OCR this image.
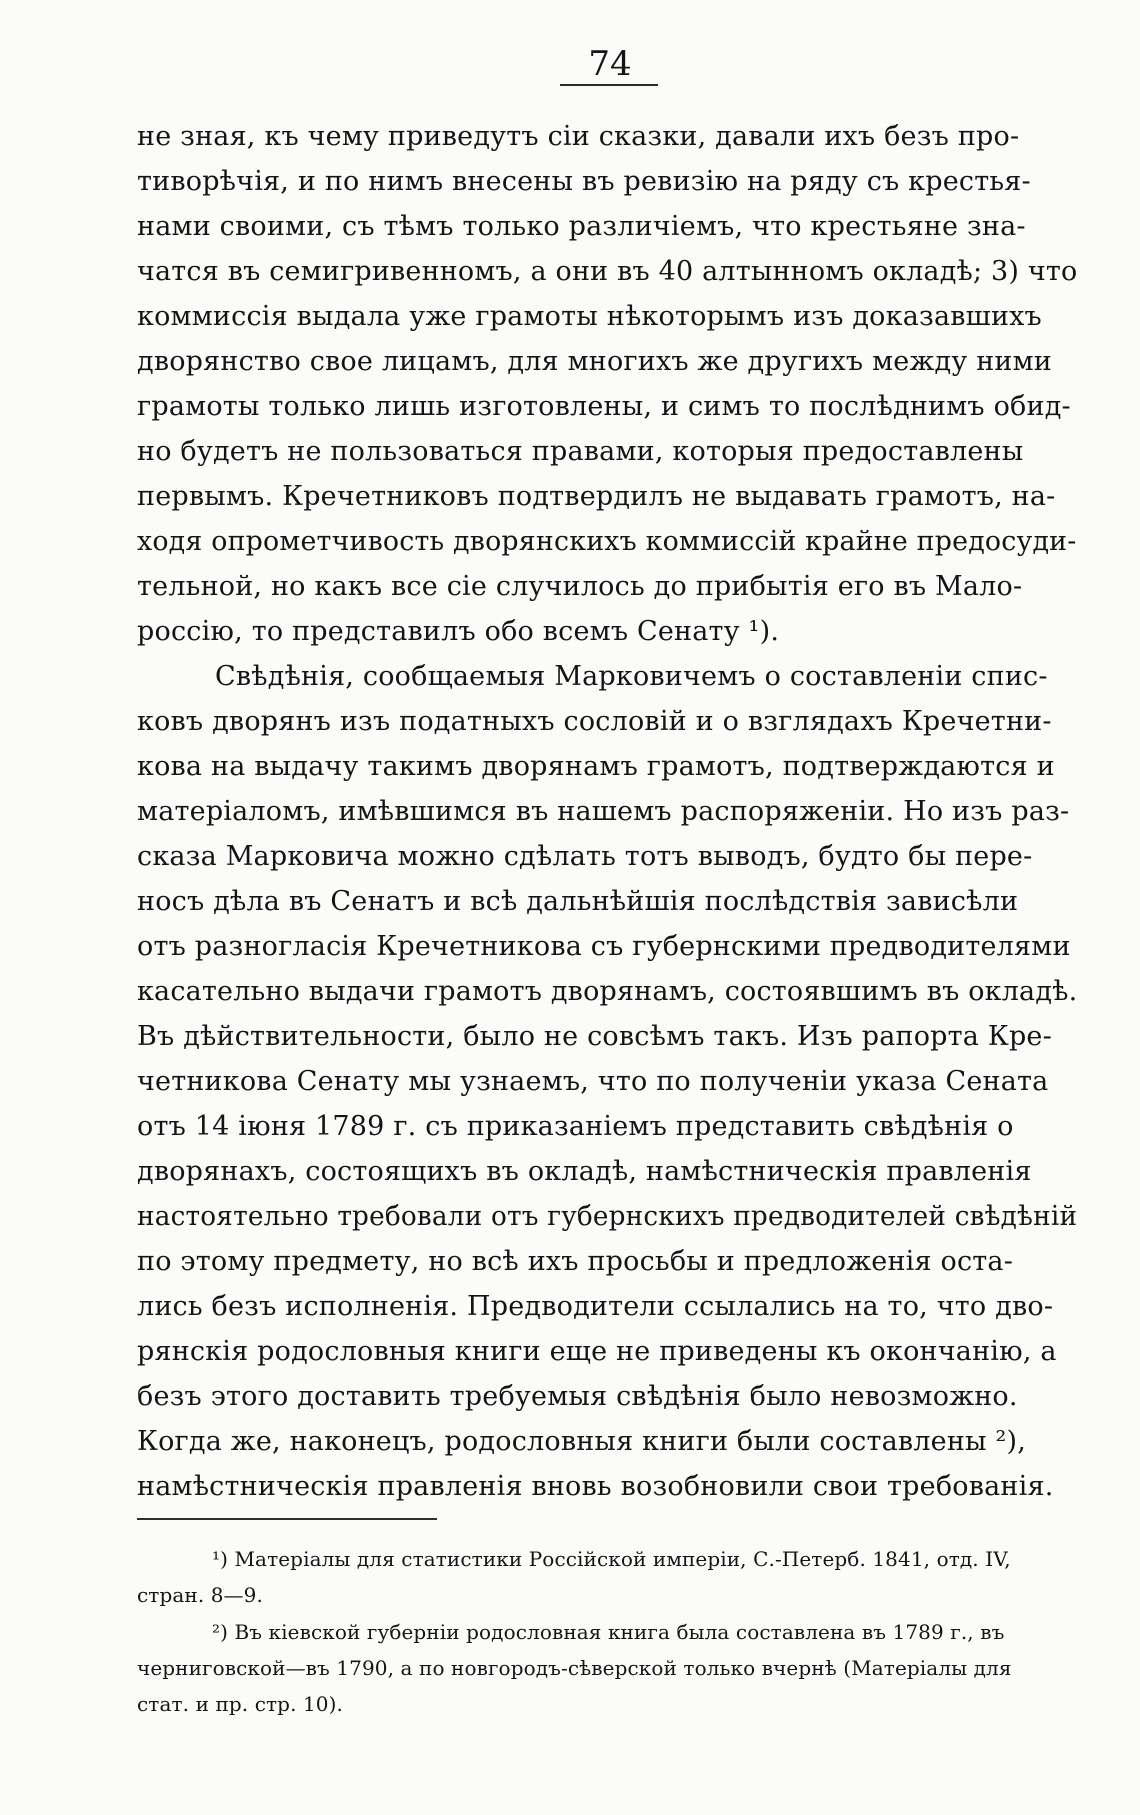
74
не зная, къ чему приведутъ сіи сказки, давали ихъ безъ про-
тиворѣчія, и по нимъ внесены въ ревизію на ряду съ крестья-
нами своими, съ тѣмъ только различіемъ, что крестьяне зна-
чатся въ семигривенномъ, а они въ 40 алтынномъ окладѣ; 3) что
коммиссія выдала уже грамоты нѣкоторымъ изъ доказавшихъ
дворянство свое лицамъ, для многихъ же другихъ между ними
грамоты только лишь изготовлены, и симъ то послѣднимъ обид-
но будетъ не пользоваться правами, которыя предоставлены
первымъ. Кречетниковъ подтвердилъ не выдавать грамотъ, на-
ходя опрометчивость дворянскихъ коммиссій крайне предосуди-
тельной, но какъ все сіе случилось до прибытія его въ Мало-
россію, то представилъ обо всемъ Сенату ¹).
Свѣдѣнія, сообщаемыя Марковичемъ о составленіи спис-
ковъ дворянъ изъ податныхъ сословій и о взглядахъ Кречетни-
кова на выдачу такимъ дворянамъ грамотъ, подтверждаются и
матеріаломъ, имѣвшимся въ нашемъ распоряженіи. Но изъ раз-
сказа Марковича можно сдѣлать тотъ выводъ, будто бы пере-
носъ дѣла въ Сенатъ и всѣ дальнѣйшія послѣдствія зависѣли
отъ разногласія Кречетникова съ губернскими предводителями
касательно выдачи грамотъ дворянамъ, состоявшимъ въ окладѣ.
Въ дѣйствительности, было не совсѣмъ такъ. Изъ рапорта Кре-
четникова Сенату мы узнаемъ, что по полученіи указа Сената
отъ 14 іюня 1789 г. съ приказаніемъ представить свѣдѣнія о
дворянахъ, состоящихъ въ окладѣ, намѣстническія правленія
настоятельно требовали отъ губернскихъ предводителей свѣдѣній
по этому предмету, но всѣ ихъ просьбы и предложенія оста-
лись безъ исполненія. Предводители ссылались на то, что дво-
рянскія родословныя книги еще не приведены къ окончанію, а
безъ этого доставить требуемыя свѣдѣнія было невозможно.
Когда же, наконецъ, родословныя книги были составлены ²),
намѣстническія правленія вновь возобновили свои требованія.
¹) Матеріалы для статистики Россійской имперіи, С.-Петерб. 1841, отд. IV,
стран. 8—9.
²) Въ кіевской губерніи родословная книга была составлена въ 1789 г., въ
черниговской—въ 1790, а по новгородъ-сѣверской только вчернѣ (Матеріалы для
стат. и пр. стр. 10).
